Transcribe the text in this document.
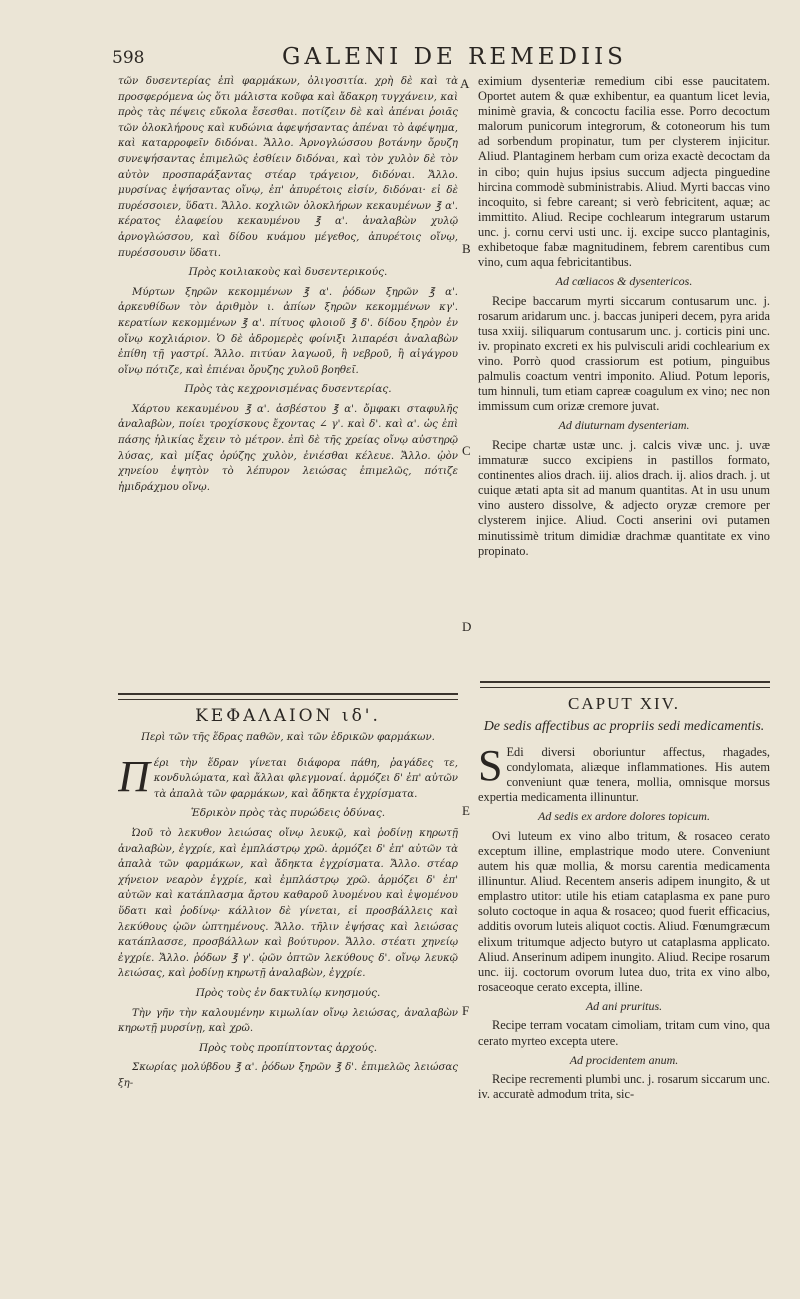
598	GALENI DE REMEDIIS
A
B
C
D
E
F

τῶν δυσεντερίας ἐπὶ φαρμάκων, ὀλιγοσιτία. χρὴ δὲ καὶ τὰ προσφερόμενα ὡς ὅτι μάλιστα κοῦφα καὶ ἄδακρη τυγχάνειν, καὶ πρὸς τὰς πέψεις εὔκολα ἔσεσθαι. ποτίζειν δὲ καὶ ἀπέναι ῥοιᾶς τῶν ὀλοκλήρους καὶ κυδώνια ἀφεψήσαντας ἀπέναι τὸ ἀφέψημα, καὶ καταρροφεῖν διδόναι. Ἄλλο. Ἀρνογλώσσου βοτάνην ὄρυζη συνεψήσαντας ἐπιμελῶς ἐσθίειν διδόναι, καὶ τὸν χυλὸν δὲ τὸν αὐτὸν προσπαράξαντας στέαρ τράγειον, διδόναι. Ἄλλο. μυρσίνας ἑψήσαντας οἴνῳ, ἐπ' ἀπυρέτοις εἰσίν, διδόναι· εἰ δὲ πυρέσσοιεν, ὕδατι. Ἄλλο. κοχλιῶν ὀλοκλήρων κεκαυμένων ℥ α'. κέρατος ἐλαφείου κεκαυμένου ℥ α'. ἀναλαβὼν χυλῷ ἀρνογλώσσου, καὶ δίδου κυάμου μέγεθος, ἀπυρέτοις οἴνῳ, πυρέσσουσιν ὕδατι.

Πρὸς κοιλιακοὺς καὶ δυσεντερικούς.

Μύρτων ξηρῶν κεκομμένων ℥ α'. ῥόδων ξηρῶν ℥ α'. ἀρκευθίδων τὸν ἀριθμὸν ι. ἀπίων ξηρῶν κεκομμένων κγ'. κερατίων κεκομμένων ℥ α'. πίτυος φλοιοῦ ℥ δ'. δίδου ξηρὸν ἐν οἴνῳ κοχλιάριον. Ὁ δὲ ἀδρομερὲς φοίνιξι λιπαρέσι ἀναλαβὼν ἐπίθη τῇ γαστρί. Ἄλλο. πιτύαν λαγωοῦ, ἢ νεβροῦ, ἢ αἰγάγρου οἴνῳ πότιζε, καὶ ἐπιέναι ὄρυζης χυλοῦ βοηθεῖ.

Πρὸς τὰς κεχρονισμένας δυσεντερίας.

Χάρτου κεκαυμένου ℥ α'. ἀσβέστου ℥ α'. ὄμφακι σταφυλῆς ἀναλαβὼν, ποίει τροχίσκους ἔχοντας ∠ γ'. καὶ δ'. καὶ α'. ὡς ἐπὶ πάσης ἡλικίας ἔχειν τὸ μέτρον. ἐπὶ δὲ τῆς χρείας οἴνῳ αὐστηρῷ λύσας, καὶ μίξας ὀρύζης χυλὸν, ἐνιέσθαι κέλευε. Ἄλλο. ᾠὸν χηνείου ἐψητὸν τὸ λέπυρον λειώσας ἐπιμελῶς, πότιζε ἡμιδράχμου οἴνῳ.

ΚΕΦΑΛΑΙΟΝ ιδ'.

Περὶ τῶν τῆς ἕδρας παθῶν, καὶ τῶν ἑδρικῶν φαρμάκων.

Πέρι τὴν ἕδραν γίνεται διάφορα πάθη, ῥαγάδες τε, κονδυλώματα, καὶ ἄλλαι φλεγμοναί. ἁρμόζει δ' ἐπ' αὐτῶν τὰ ἀπαλὰ τῶν φαρμάκων, καὶ ἄδηκτα ἐγχρίσματα.

Ἑδρικὸν πρὸς τὰς πυρώδεις ὀδύνας.

Ὠοῦ τὸ λεκυθον λειώσας οἴνῳ λευκῷ, καὶ ῥοδίνῃ κηρωτῇ ἀναλαβὼν, ἐγχρίε, καὶ ἐμπλάστρῳ χρῶ. ἁρμόζει δ' ἐπ' αὐτῶν τὰ ἀπαλὰ τῶν φαρμάκων, καὶ ἄδηκτα ἐγχρίσματα. Ἄλλο. στέαρ χήνειον νεαρὸν ἐγχρίε, καὶ ἐμπλάστρῳ χρῶ. ἁρμόζει δ' ἐπ' αὐτῶν καὶ κατάπλασμα ἄρτου καθαροῦ λυομένου καὶ ἑψομένου ὕδατι καὶ ῥοδίνῳ· κάλλιον δὲ γίνεται, εἰ προσβάλλεις καὶ λεκύθους ᾠῶν ὠπτημένους. Ἄλλο. τῆλιν ἑψήσας καὶ λειώσας κατάπλασσε, προσβάλλων καὶ βούτυρον. Ἄλλο. στέατι χηνείῳ ἐγχρίε. Ἄλλο. ῥόδων ℥ γ'. ᾠῶν ὀπτῶν λεκύθους δ'. οἴνῳ λευκῷ λειώσας, καὶ ῥοδίνῃ κηρωτῇ ἀναλαβὼν, ἐγχρίε.

Πρὸς τοὺς ἐν δακτυλίῳ κνησμούς.

Τὴν γῆν τὴν καλουμένην κιμωλίαν οἴνῳ λειώσας, ἀναλαβὼν κηρωτῇ μυρσίνῃ, καὶ χρῶ.

Πρὸς τοὺς προπίπτοντας ἀρχούς.

Σκωρίας μολύβδου ℥ α'. ῥόδων ξηρῶν ℥ δ'. ἐπιμελῶς λειώσας ξη-

eximium dysenteriæ remedium cibi esse paucitatem. Oportet autem & quæ exhibentur, ea quantum licet levia, minimè gravia, & concoctu facilia esse. Porro decoctum malorum punicorum integrorum, & cotoneorum his tum ad sorbendum propinatur, tum per clysterem injicitur. Aliud. Plantaginem herbam cum oriza exactè decoctam da in cibo; quin hujus ipsius succum adjecta pinguedine hircina commodè subministrabis. Aliud. Myrti baccas vino incoquito, si febre careant; si verò febricitent, aquæ; ac immittito. Aliud. Recipe cochlearum integrarum ustarum unc. j. cornu cervi usti unc. ij. excipe succo plantaginis, exhibetoque fabæ magnitudinem, febrem carentibus cum vino, cum aqua febricitantibus.

Ad cœliacos & dysentericos.

Recipe baccarum myrti siccarum contusarum unc. j. rosarum aridarum unc. j. baccas juniperi decem, pyra arida tusa xxiij. siliquarum contusarum unc. j. corticis pini unc. iv. propinato excreti ex his pulvisculi aridi cochlearium ex vino. Porrò quod crassiorum est potium, pinguibus palmulis coactum ventri imponito. Aliud. Potum leporis, tum hinnuli, tum etiam capreæ coagulum ex vino; nec non immissum cum orizæ cremore juvat.

Ad diuturnam dysenteriam.

Recipe chartæ ustæ unc. j. calcis vivæ unc. j. uvæ immaturæ succo excipiens in pastillos formato, continentes alios drach. iij. alios drach. ij. alios drach. j. ut cuique ætati apta sit ad manum quantitas. At in usu unum vino austero dissolve, & adjecto oryzæ cremore per clysterem injice. Aliud. Cocti anserini ovi putamen minutissimè tritum dimidiæ drachmæ quantitate ex vino propinato.

CAPUT XIV.

De sedis affectibus ac propriis sedi medicamentis.

S Edi diversi oboriuntur affectus, rhagades, condylomata, aliæque inflammationes. His autem conveniunt quæ tenera, mollia, omnisque morsus expertia medicamenta illinuntur.

Ad sedis ex ardore dolores topicum.

Ovi luteum ex vino albo tritum, & rosaceo cerato exceptum illine, emplastrique modo utere. Conveniunt autem his quæ mollia, & morsu carentia medicamenta illinuntur. Aliud. Recentem anseris adipem inungito, & ut emplastro utitor: utile his etiam cataplasma ex pane puro soluto coctoque in aqua & rosaceo; quod fuerit efficacius, additis ovorum luteis aliquot coctis. Aliud. Fœnumgræcum elixum tritumque adjecto butyro ut cataplasma applicato. Aliud. Anserinum adipem inungito. Aliud. Recipe rosarum unc. iij. coctorum ovorum lutea duo, trita ex vino albo, rosaceoque cerato excepta, illine.

Ad ani pruritus.

Recipe terram vocatam cimoliam, tritam cum vino, qua cerato myrteo excepta utere.

Ad procidentem anum.

Recipe recrementi plumbi unc. j. rosarum siccarum unc. iv. accuratè admodum trita, sic-
